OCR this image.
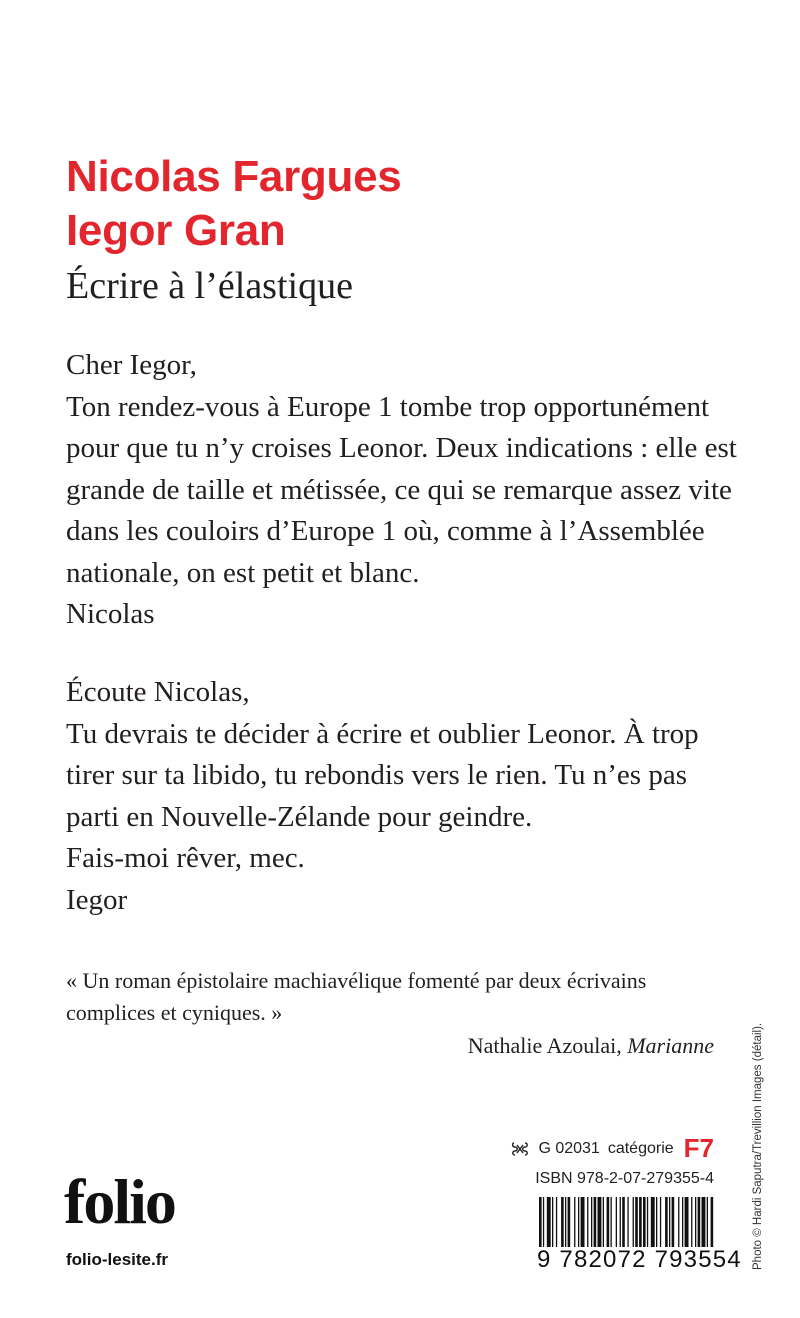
Nicolas Fargues
Iegor Gran
Écrire à l’élastique
Cher Iegor,
Ton rendez-vous à Europe 1 tombe trop opportunément
pour que tu n’y croises Leonor. Deux indications : elle est
grande de taille et métissée, ce qui se remarque assez vite
dans les couloirs d’Europe 1 où, comme à l’Assemblée
nationale, on est petit et blanc.
Nicolas
Écoute Nicolas,
Tu devrais te décider à écrire et oublier Leonor. À trop
tirer sur ta libido, tu rebondis vers le rien. Tu n’es pas
parti en Nouvelle-Zélande pour geindre.
Fais-moi rêver, mec.
Iegor
« Un roman épistolaire machiavélique fomenté par deux écrivains
complices et cyniques. »
Nathalie Azoulai, Marianne
G 02031 catégorie F7
ISBN 978-2-07-279355-4
9 782072 793554
folio
folio-lesite.fr	Photo © Hardi Saputra/Trevillion Images (détail).
